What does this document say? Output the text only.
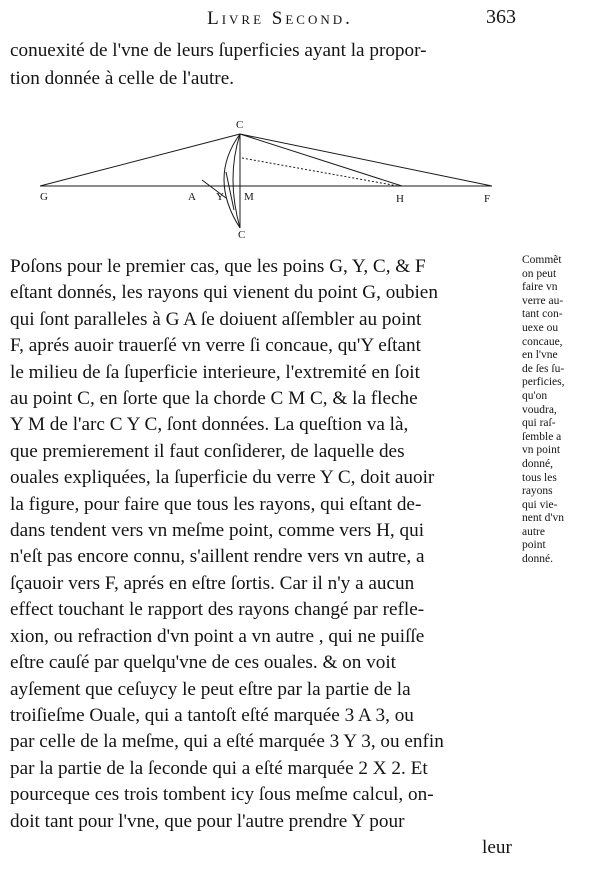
Livre Second.	363
conuexité de l'vne de leurs ſuperficies ayant la propor-
tion donnée à celle de l'autre.
C
G	A Y M	H	F
C
Poſons pour le premier cas, que les poins G, Y, C, & F
eſtant donnés, les rayons qui vienent du point G, oubien
qui ſont paralleles à G A ſe doiuent aſſembler au point
F, aprés auoir trauerſé vn verre ſi concaue, qu'Y eſtant
le milieu de ſa ſuperficie interieure, l'extremité en ſoit
au point C, en ſorte que la chorde C M C, & la fleche
Y M de l'arc C Y C, ſont données. La queſtion va là,
que premierement il faut conſiderer, de laquelle des
ouales expliquées, la ſuperficie du verre Y C, doit auoir
la figure, pour faire que tous les rayons, qui eſtant de-
dans tendent vers vn meſme point, comme vers H, qui
n'eſt pas encore connu, s'aillent rendre vers vn autre, a
ſçauoir vers F, aprés en eſtre ſortis. Car il n'y a aucun
effect touchant le rapport des rayons changé par refle-
xion, ou refraction d'vn point a vn autre , qui ne puiſſe
eſtre cauſé par quelqu'vne de ces ouales. & on voit
ayſement que ceſuycy le peut eſtre par la partie de la
troiſieſme Ouale, qui a tantoſt eſté marquée 3 A 3, ou
par celle de la meſme, qui a eſté marquée 3 Y 3, ou enfin
par la partie de la ſeconde qui a eſté marquée 2 X 2. Et
pourceque ces trois tombent icy ſous meſme calcul, on-
doit tant pour l'vne, que pour l'autre prendre Y pour
leur
Commẽt
on peut
faire vn
verre au-
tant con-
uexe ou
concaue,
en l'vne
de ſes ſu-
perficies,
qu'on
voudra,
qui raſ-
ſemble a
vn point
donné,
tous les
rayons
qui vie-
nent d'vn
autre
point
donné.
